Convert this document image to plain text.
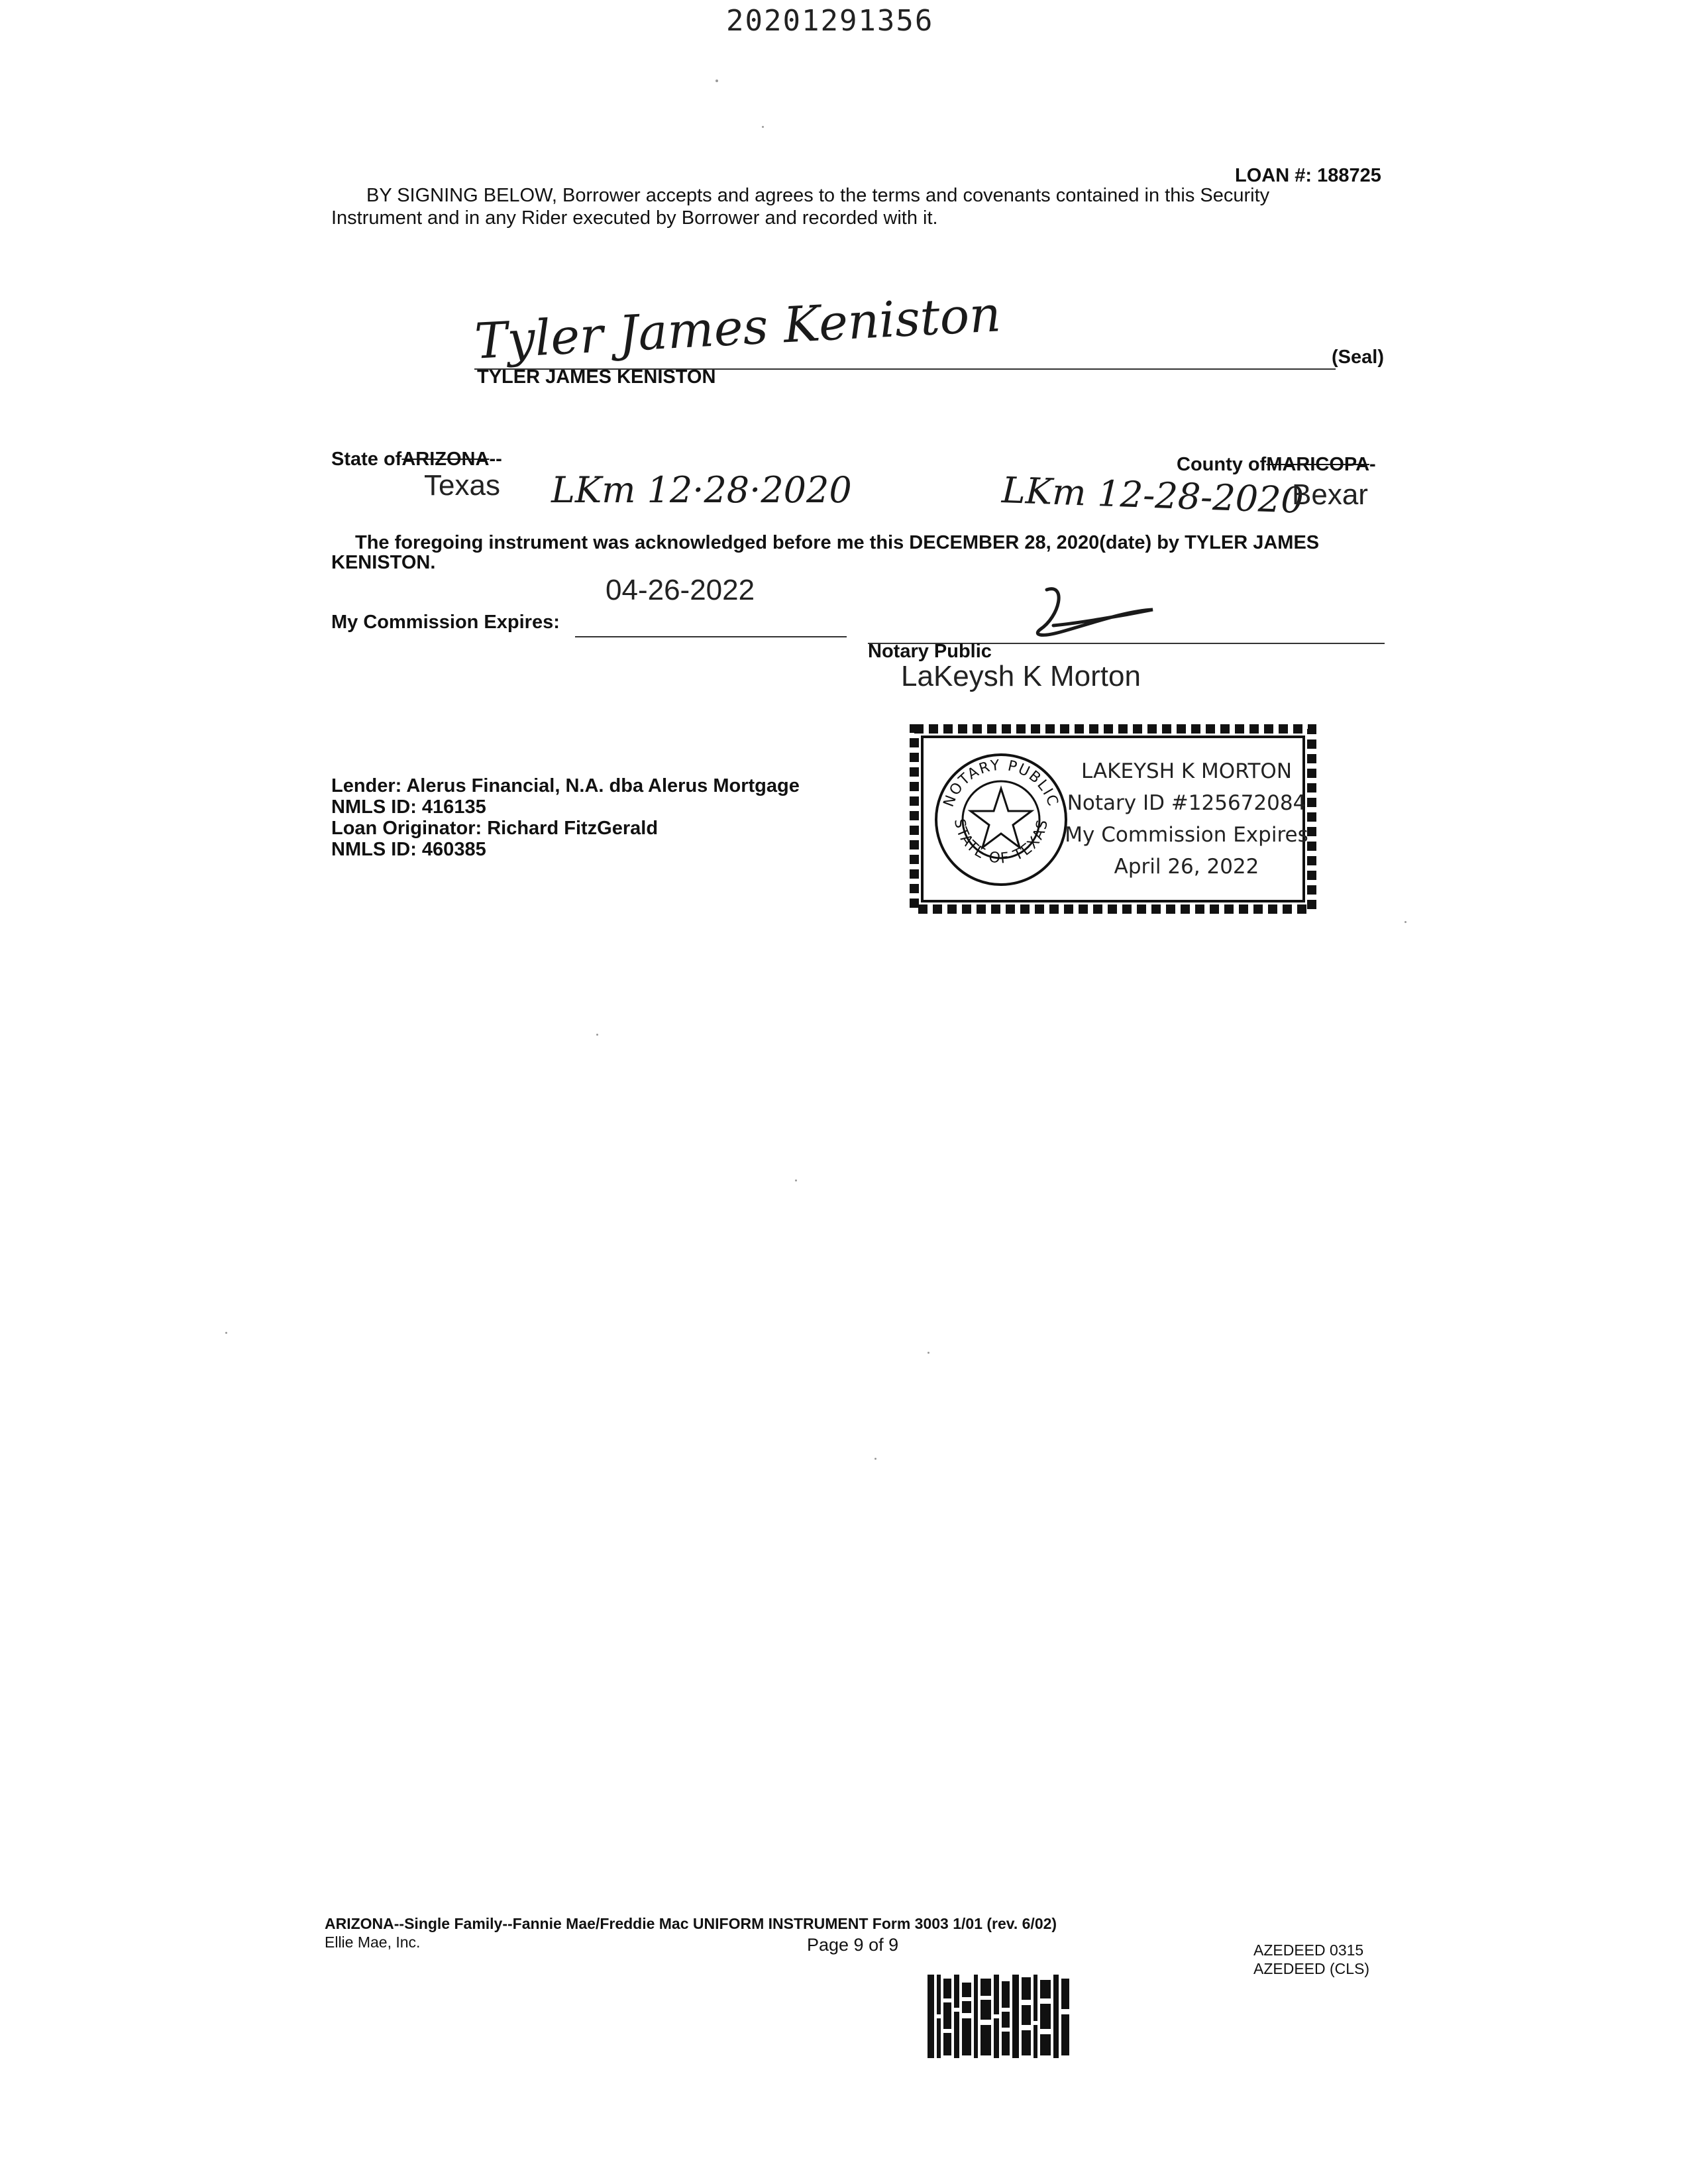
20201291356
LOAN #: 188725
BY SIGNING BELOW, Borrower accepts and agrees to the terms and covenants contained in this Security
Instrument and in any Rider executed by Borrower and recorded with it.
Tyler James Keniston
TYLER JAMES KENISTON
(Seal)
State ofARIZONA--
Texas LKm 12·28·2020
County ofMARICOPA-
LKm 12-28-2020
Bexar
The foregoing instrument was acknowledged before me this DECEMBER 28, 2020(date) by TYLER JAMES
KENISTON.
04-26-2022
My Commission Expires:
Notary Public
LaKeysh K Morton
NOTARY PUBLIC
STATE OF TEXAS
LAKEYSH K MORTON
Notary ID #125672084
My Commission Expires
April 26, 2022
Lender: Alerus Financial, N.A. dba Alerus Mortgage
NMLS ID: 416135
Loan Originator: Richard FitzGerald
NMLS ID: 460385
ARIZONA--Single Family--Fannie Mae/Freddie Mac UNIFORM INSTRUMENT Form 3003 1/01 (rev. 6/02)
Ellie Mae, Inc.	Page 9 of 9	AZEDEED 0315
AZEDEED (CLS)
